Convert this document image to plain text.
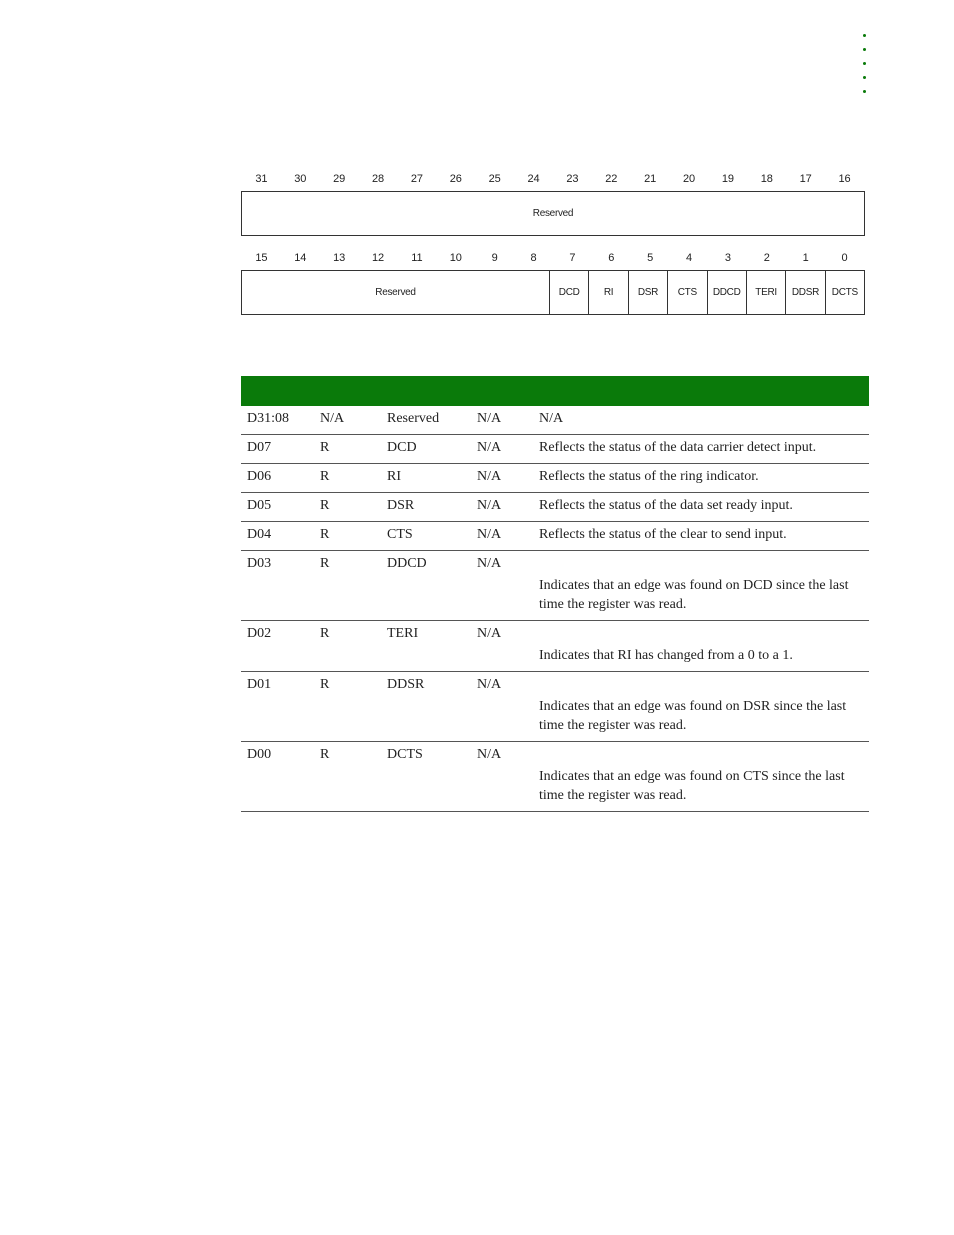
31	30	29	28	27	26	25	24	23	22	21	20	19	18	17	16
Reserved
15	14	13	12	11	10	9	8	7	6	5	4	3	2	1	0
Reserved	DCD	RI	DSR	CTS	DDCD	TERI	DDSR	DCTS

D31:08	N/A	Reserved	N/A	N/A
D07	R	DCD	N/A	Reflects the status of the data carrier detect input.
D06	R	RI	N/A	Reflects the status of the ring indicator.
D05	R	DSR	N/A	Reflects the status of the data set ready input.
D04	R	CTS	N/A	Reflects the status of the clear to send input.
D03	R	DDCD	N/A	Indicates that an edge was found on DCD since the last time the register was read.

D02	R	TERI	N/A	Indicates that RI has changed from a 0 to a 1.

D01	R	DDSR	N/A	Indicates that an edge was found on DSR since the last time the register was read.

D00	R	DCTS	N/A	Indicates that an edge was found on CTS since the last time the register was read.
